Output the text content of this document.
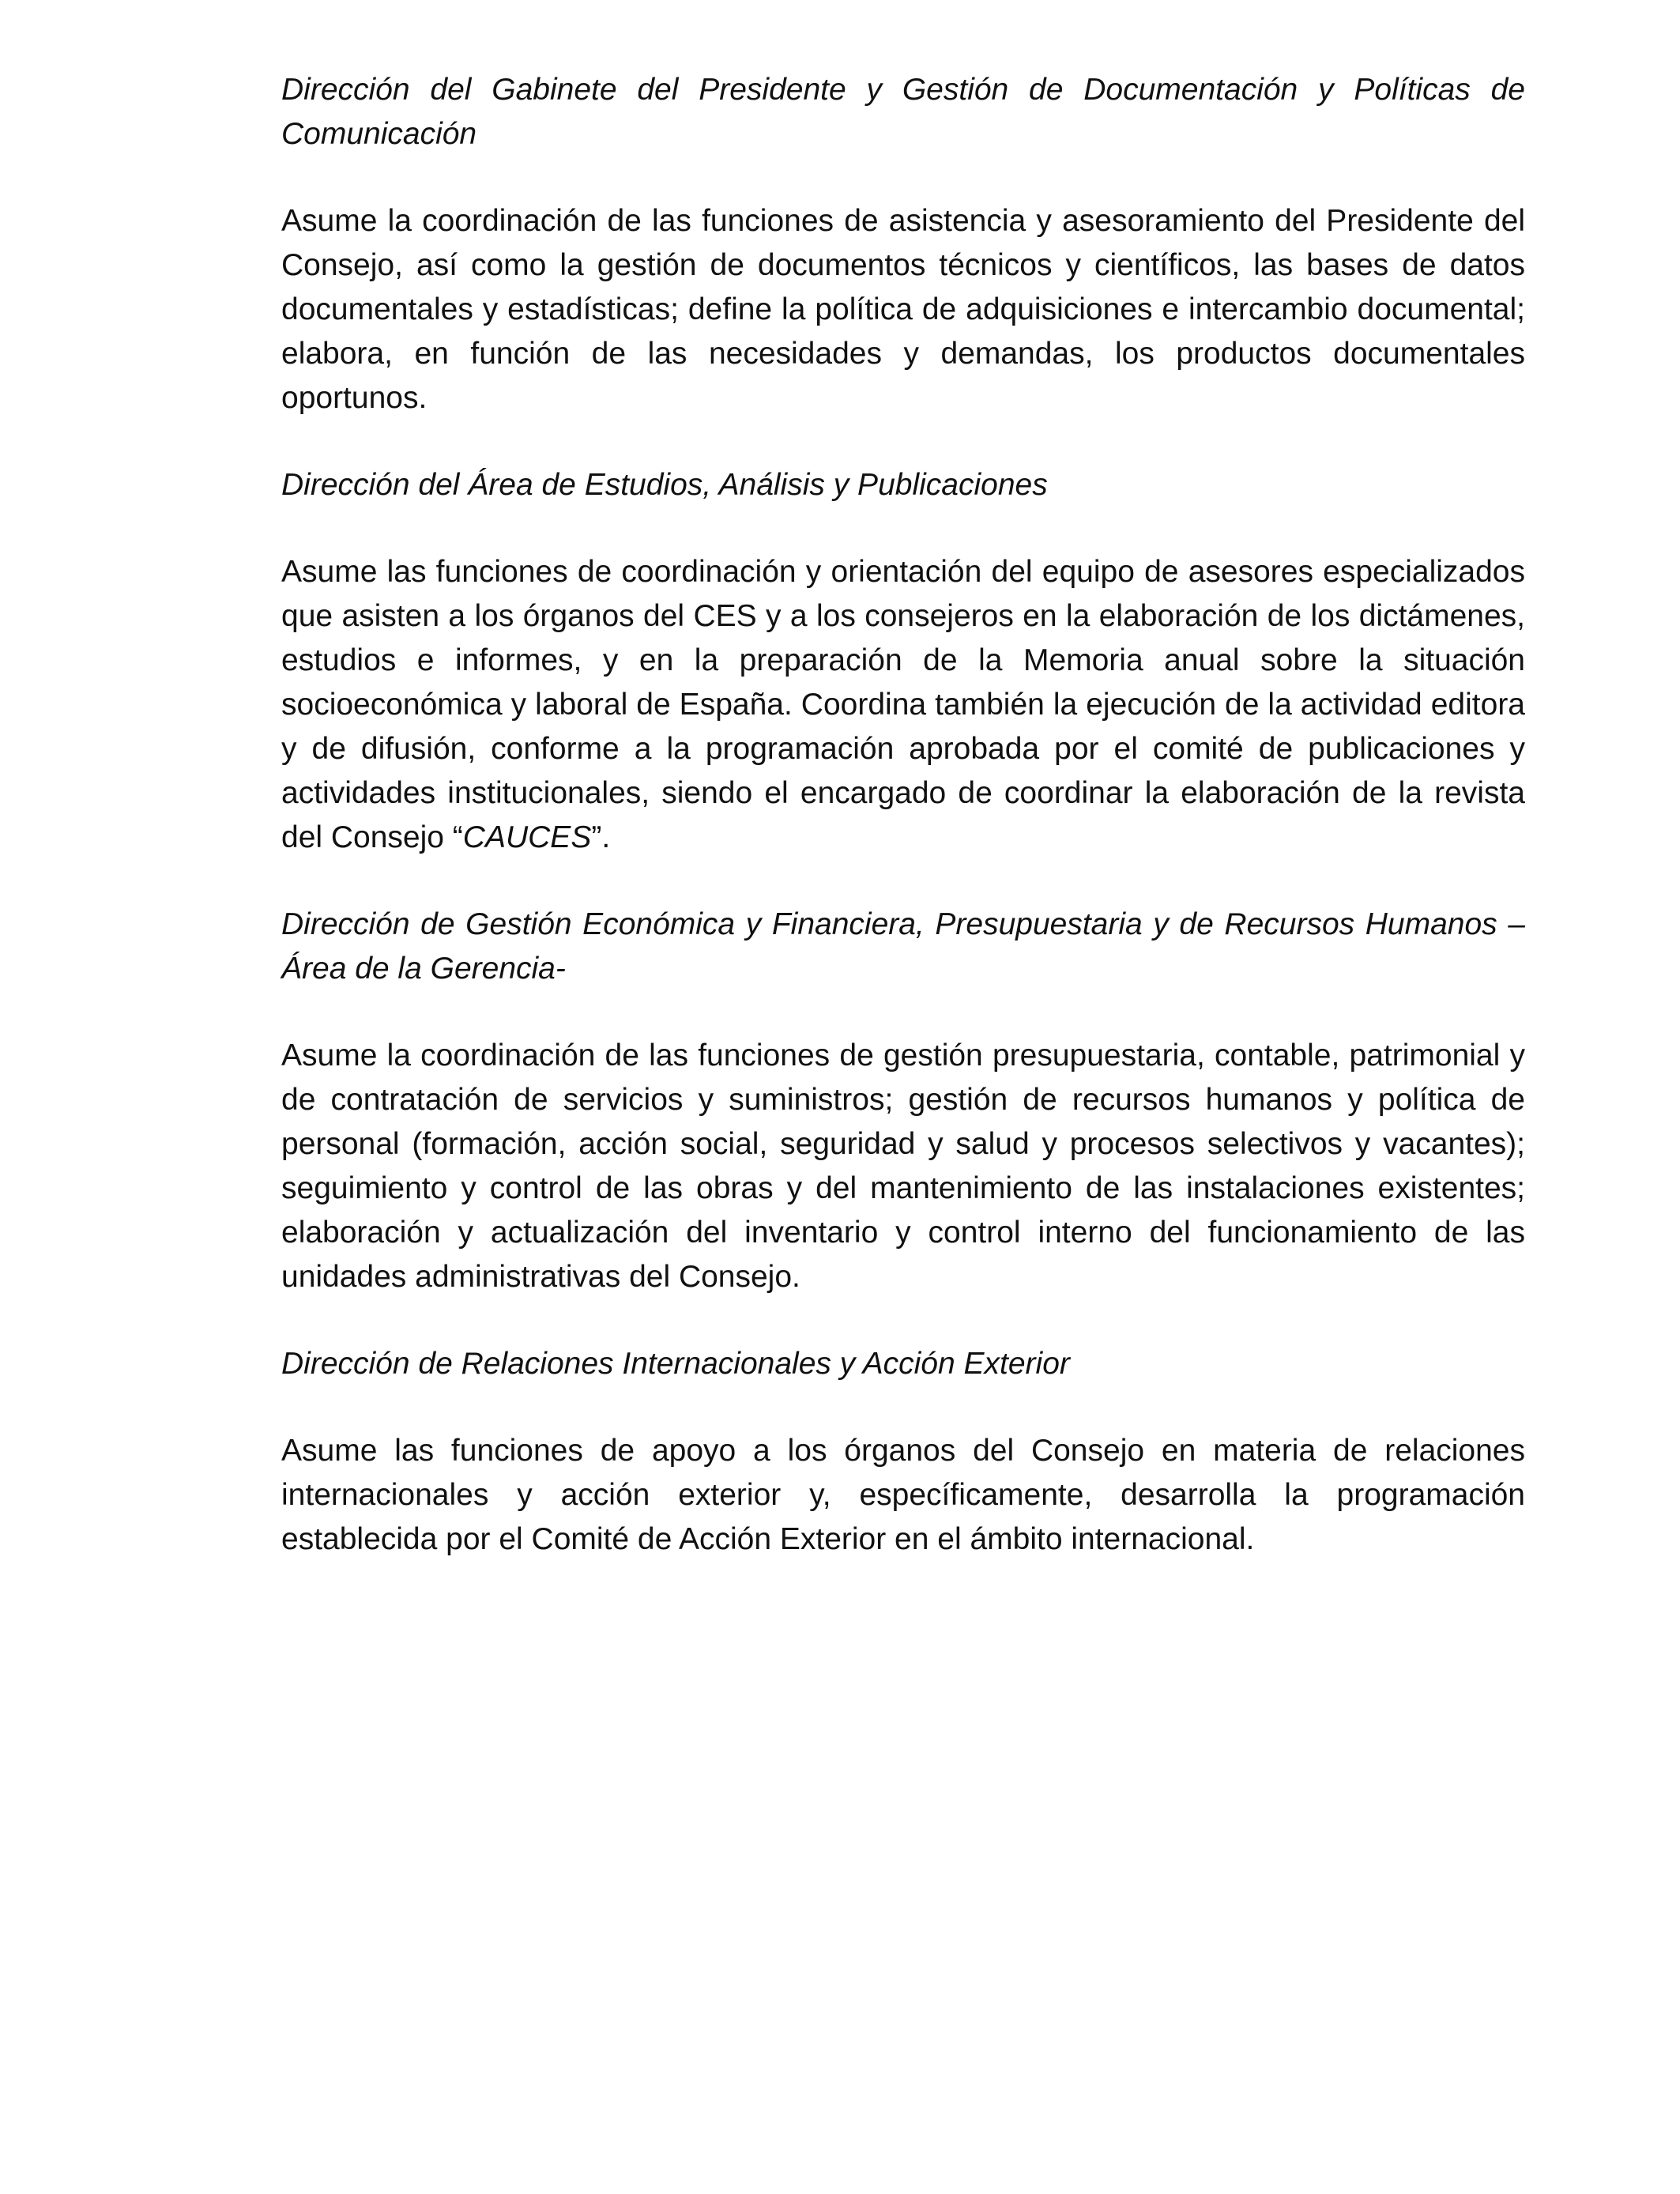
Dirección del Gabinete del Presidente y Gestión de Documentación y Políticas de Comunicación

Asume la coordinación de las funciones de asistencia y asesoramiento del Presidente del Consejo, así como la gestión de documentos técnicos y científicos, las bases de datos documentales y estadísticas; define la política de adquisiciones e intercambio documental; elabora, en función de las necesidades y demandas, los productos documentales oportunos.

Dirección del Área de Estudios, Análisis y Publicaciones

Asume las funciones de coordinación y orientación del equipo de asesores especializados que asisten a los órganos del CES y a los consejeros en la elaboración de los dictámenes, estudios e informes, y en la preparación de la Memoria anual sobre la situación socioeconómica y laboral de España. Coordina también la ejecución de la actividad editora y de difusión, conforme a la programación aprobada por el comité de publicaciones y actividades institucionales, siendo el encargado de coordinar la elaboración de la revista del Consejo “CAUCES”.

Dirección de Gestión Económica y Financiera, Presupuestaria y de Recursos Humanos –Área de la Gerencia-

Asume la coordinación de las funciones de gestión presupuestaria, contable, patrimonial y de contratación de servicios y suministros; gestión de recursos humanos y política de personal (formación, acción social, seguridad y salud y procesos selectivos y vacantes); seguimiento y control de las obras y del mantenimiento de las instalaciones existentes; elaboración y actualización del inventario y control interno del funcionamiento de las unidades administrativas del Consejo.

Dirección de Relaciones Internacionales y Acción Exterior

Asume las funciones de apoyo a los órganos del Consejo en materia de relaciones internacionales y acción exterior y, específicamente, desarrolla la programación establecida por el Comité de Acción Exterior en el ámbito internacional.
